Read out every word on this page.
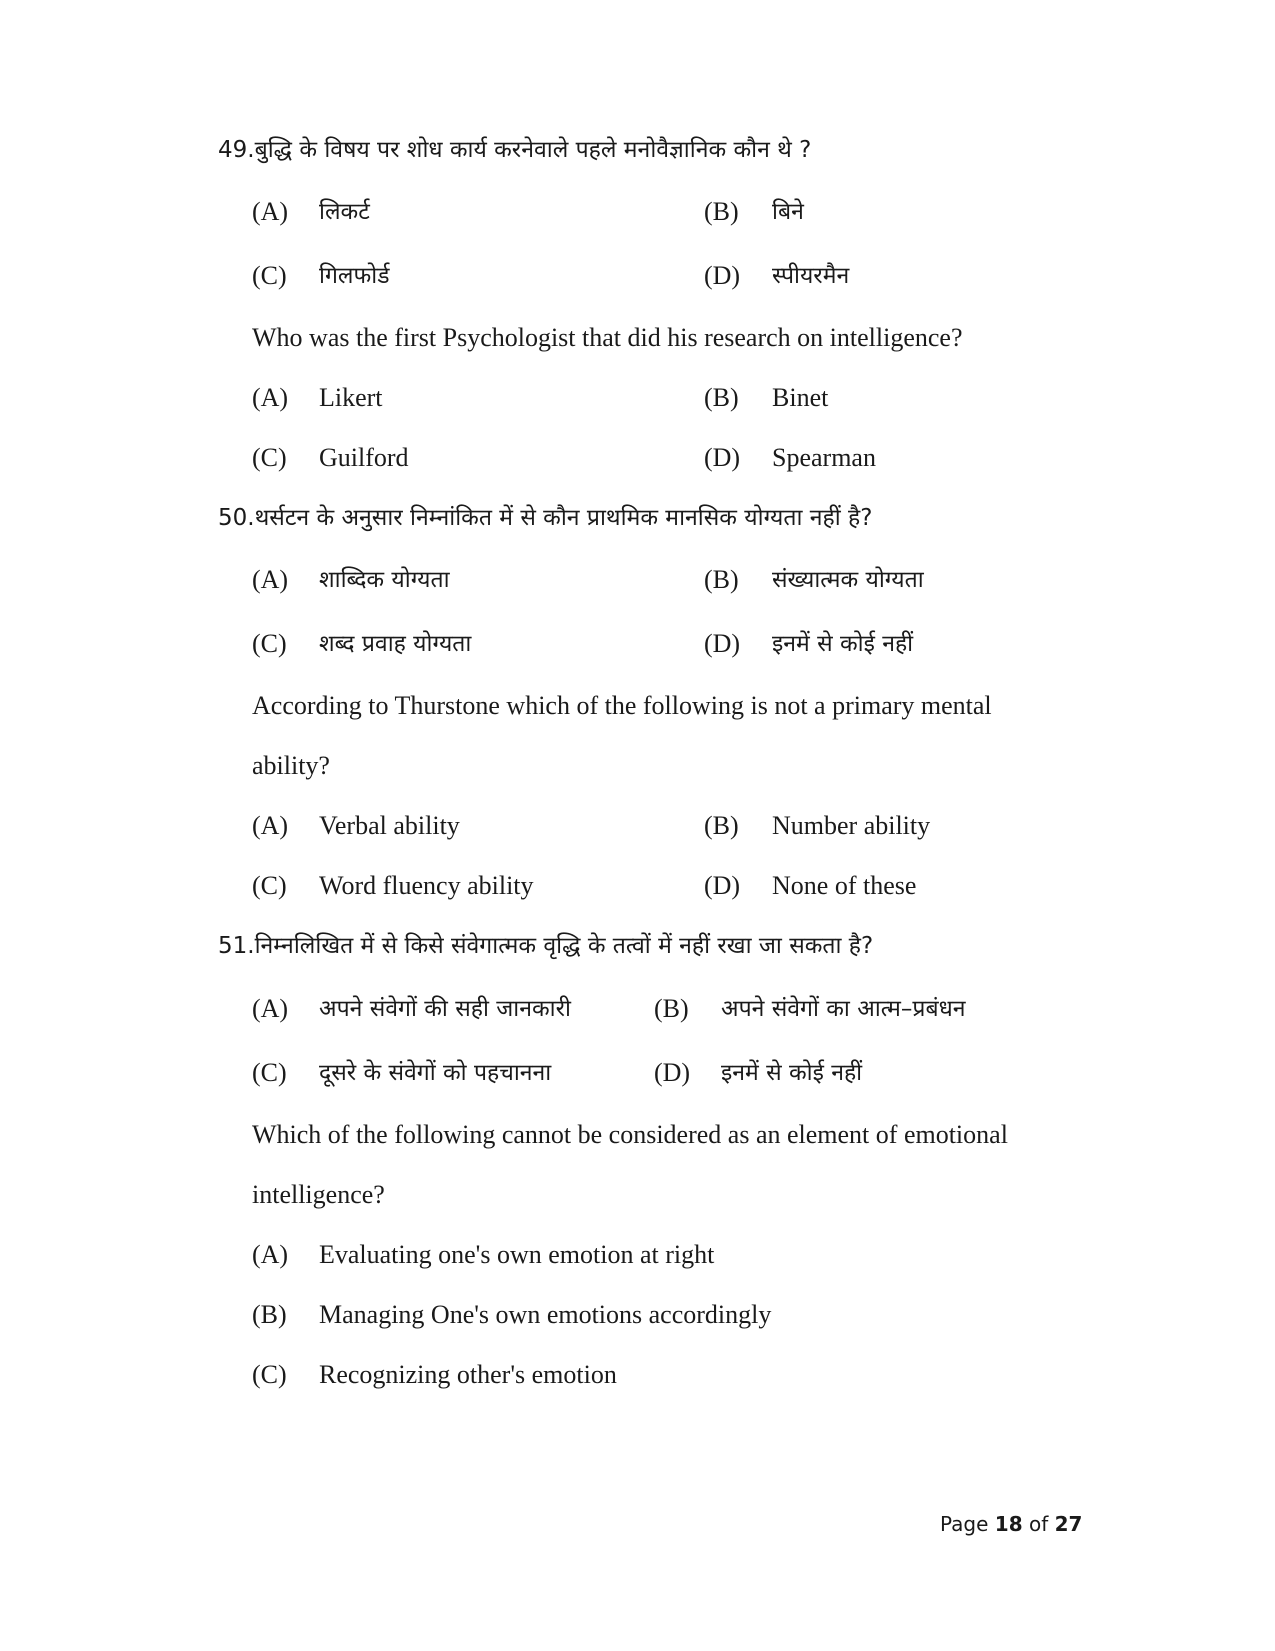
49.बुद्धि के विषय पर शोध कार्य करनेवाले पहले मनोवैज्ञानिक कौन थे ?
(A) लिकर्ट	(B) बिने
(C) गिलफोर्ड	(D) स्पीयरमैन
Who was the first Psychologist that did his research on intelligence?
(A) Likert	(B) Binet
(C) Guilford	(D) Spearman
50.थर्सटन के अनुसार निम्नांकित में से कौन प्राथमिक मानसिक योग्यता नहीं है?
(A) शाब्दिक योग्यता	(B) संख्यात्मक योग्यता
(C) शब्द प्रवाह योग्यता	(D) इनमें से कोई नहीं
According to Thurstone which of the following is not a primary mental
ability?
(A) Verbal ability	(B) Number ability
(C) Word fluency ability	(D) None of these
51.निम्नलिखित में से किसे संवेगात्मक वृद्धि के तत्वों में नहीं रखा जा सकता है?
(A) अपने संवेगों की सही जानकारी	(B) अपने संवेगों का आत्म–प्रबंधन
(C) दूसरे के संवेगों को पहचानना	(D) इनमें से कोई नहीं
Which of the following cannot be considered as an element of emotional
intelligence?
(A) Evaluating one's own emotion at right
(B) Managing One's own emotions accordingly
(C) Recognizing other's emotion
Page 18 of 27
